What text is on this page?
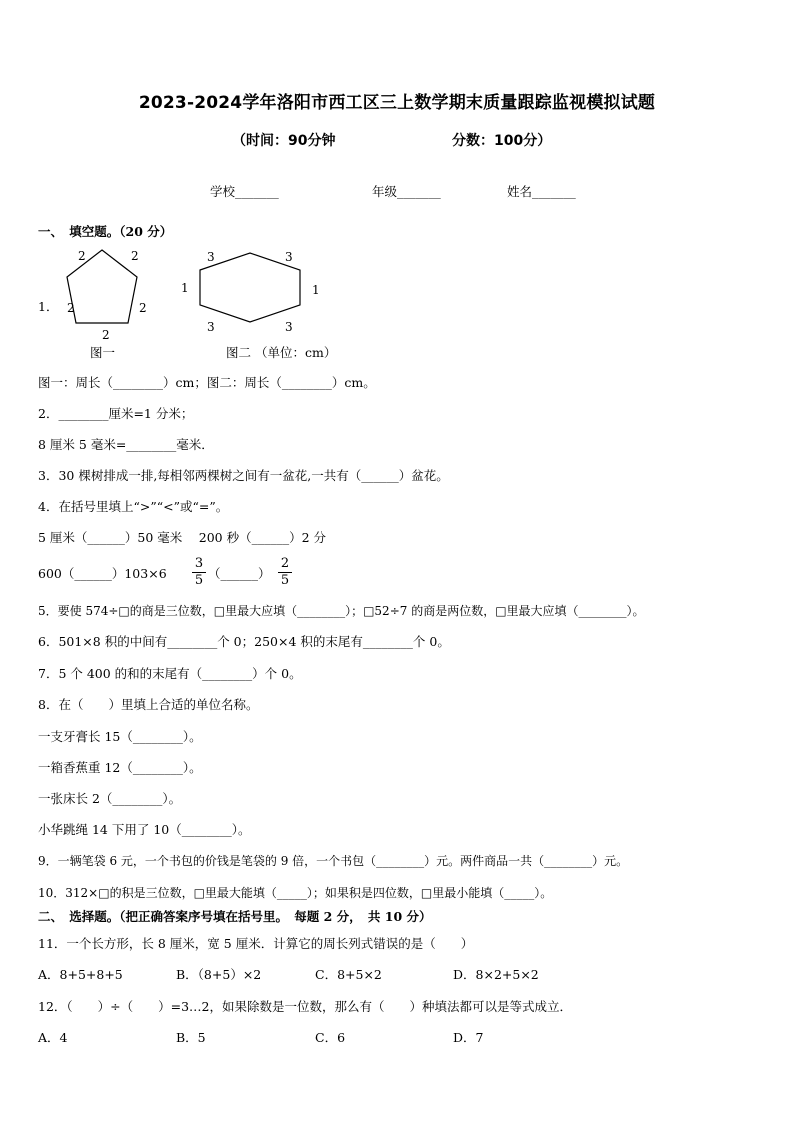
2023-2024学年洛阳市西工区三上数学期末质量跟踪监视模拟试题
（时间：90分钟	分数：100分）
学校_______	年级_______	姓名_______
一、　填空题。（20 分）
1．
2	2
2
2
2
图一
3	3
1	1
3	3
图二 （单位：cm）
图一：周长（________）cm；图二：周长（________）cm。
2．________厘米=1 分米；
8 厘米 5 毫米=________毫米．
3．30 棵树排成一排,每相邻两棵树之间有一盆花,一共有（______）盆花。
4．在括号里填上“>”“<”或“=”。
5 厘米（______）50 毫米　 200 秒（______）2 分
600（______）103×6 $\frac{3}{5}$ （______） $\frac{2}{5}$
5．要使 574÷□的商是三位数，□里最大应填（________）；□52÷7 的商是两位数，□里最大应填（________）。
6．501×8 积的中间有________个 0；250×4 积的末尾有________个 0。
7．5 个 400 的和的末尾有（________）个 0。
8．在（　　）里填上合适的单位名称。
一支牙膏长 15（________）。
一箱香蕉重 12（________）。
一张床长 2（________）。
小华跳绳 14 下用了 10（________）。
9．一辆笔袋 6 元，一个书包的价钱是笔袋的 9 倍，一个书包（________）元。两件商品一共（________）元。
10．312×□的积是三位数，□里最大能填（_____）；如果积是四位数，□里最小能填（_____）。
二、　选择题。（把正确答案序号填在括号里。　每题 2 分，　共 10 分）
11．一个长方形，长 8 厘米，宽 5 厘米．计算它的周长列式错误的是（　　）
A．8+5+8+5	B．（8+5）×2	C．8+5×2	D．8×2+5×2
12．（　　）÷（　　）=3…2，如果除数是一位数，那么有（　　）种填法都可以是等式成立．
A．4	B．5	C．6	D．7
